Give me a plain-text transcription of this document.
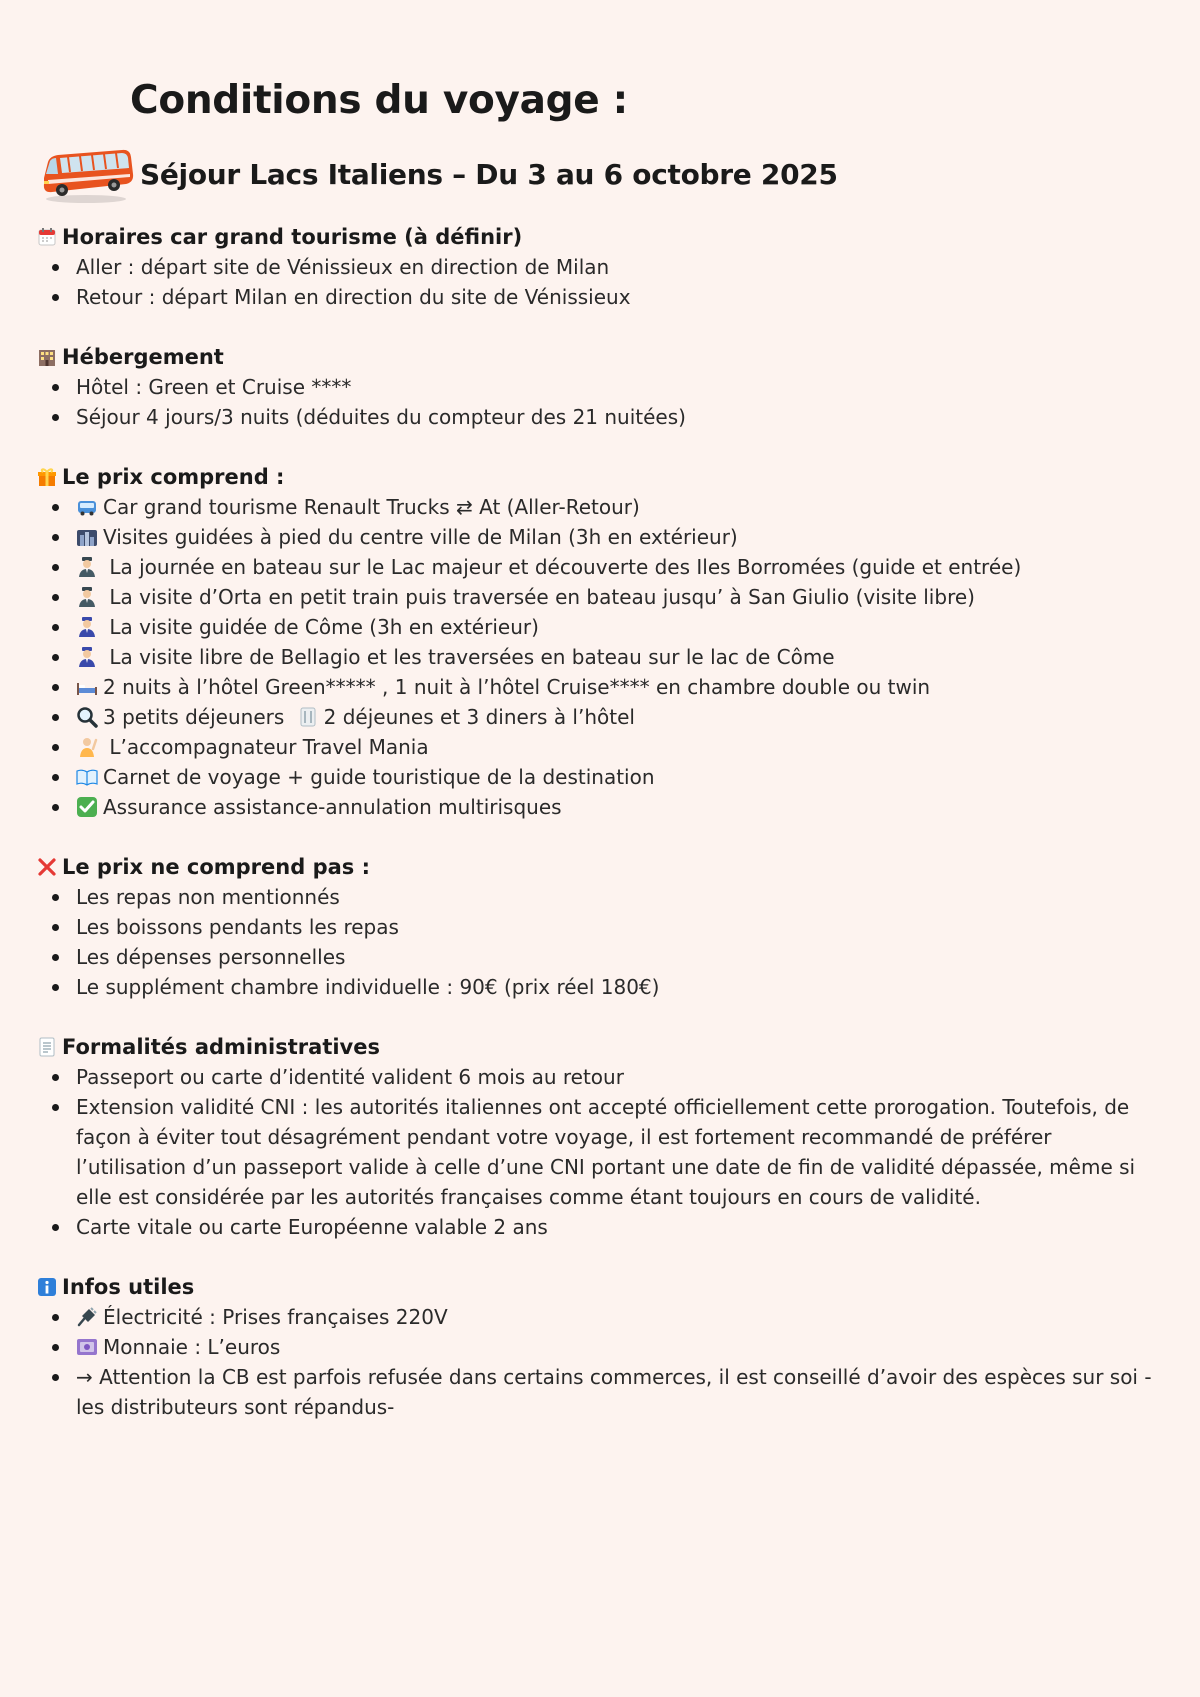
Conditions du voyage :
Séjour Lacs Italiens – Du 3 au 6 octobre 2025
Horaires car grand tourisme (à définir)
Aller : départ site de Vénissieux en direction de Milan
Retour : départ Milan en direction du site de Vénissieux
Hébergement
Hôtel : Green et Cruise ****
Séjour 4 jours/3 nuits (déduites du compteur des 21 nuitées)
Le prix comprend :
Car grand tourisme Renault Trucks ⇄ At (Aller-Retour)
Visites guidées à pied du centre ville de Milan (3h en extérieur)
La journée en bateau sur le Lac majeur et découverte des Iles Borromées (guide et entrée)
La visite d’Orta en petit train puis traversée en bateau jusqu’ à San Giulio (visite libre)
La visite guidée de Côme (3h en extérieur)
La visite libre de Bellagio et les traversées en bateau sur le lac de Côme
2 nuits à l’hôtel Green***** , 1 nuit à l’hôtel Cruise**** en chambre double ou twin
3 petits déjeuners 2 déjeunes et 3 diners à l’hôtel
L’accompagnateur Travel Mania
Carnet de voyage + guide touristique de la destination
Assurance assistance-annulation multirisques
Le prix ne comprend pas :
Les repas non mentionnés
Les boissons pendants les repas
Les dépenses personnelles
Le supplément chambre individuelle : 90€ (prix réel 180€)
Formalités administratives
Passeport ou carte d’identité valident 6 mois au retour
Extension validité CNI : les autorités italiennes ont accepté officiellement cette prorogation. Toutefois, de façon à éviter tout désagrément pendant votre voyage, il est fortement recommandé de préférer l’utilisation d’un passeport valide à celle d’une CNI portant une date de fin de validité dépassée, même si elle est considérée par les autorités françaises comme étant toujours en cours de validité.
Carte vitale ou carte Européenne valable 2 ans
Infos utiles
Électricité : Prises françaises 220V
Monnaie : L’euros
→ Attention la CB est parfois refusée dans certains commerces, il est conseillé d’avoir des espèces sur soi -les distributeurs sont répandus-
